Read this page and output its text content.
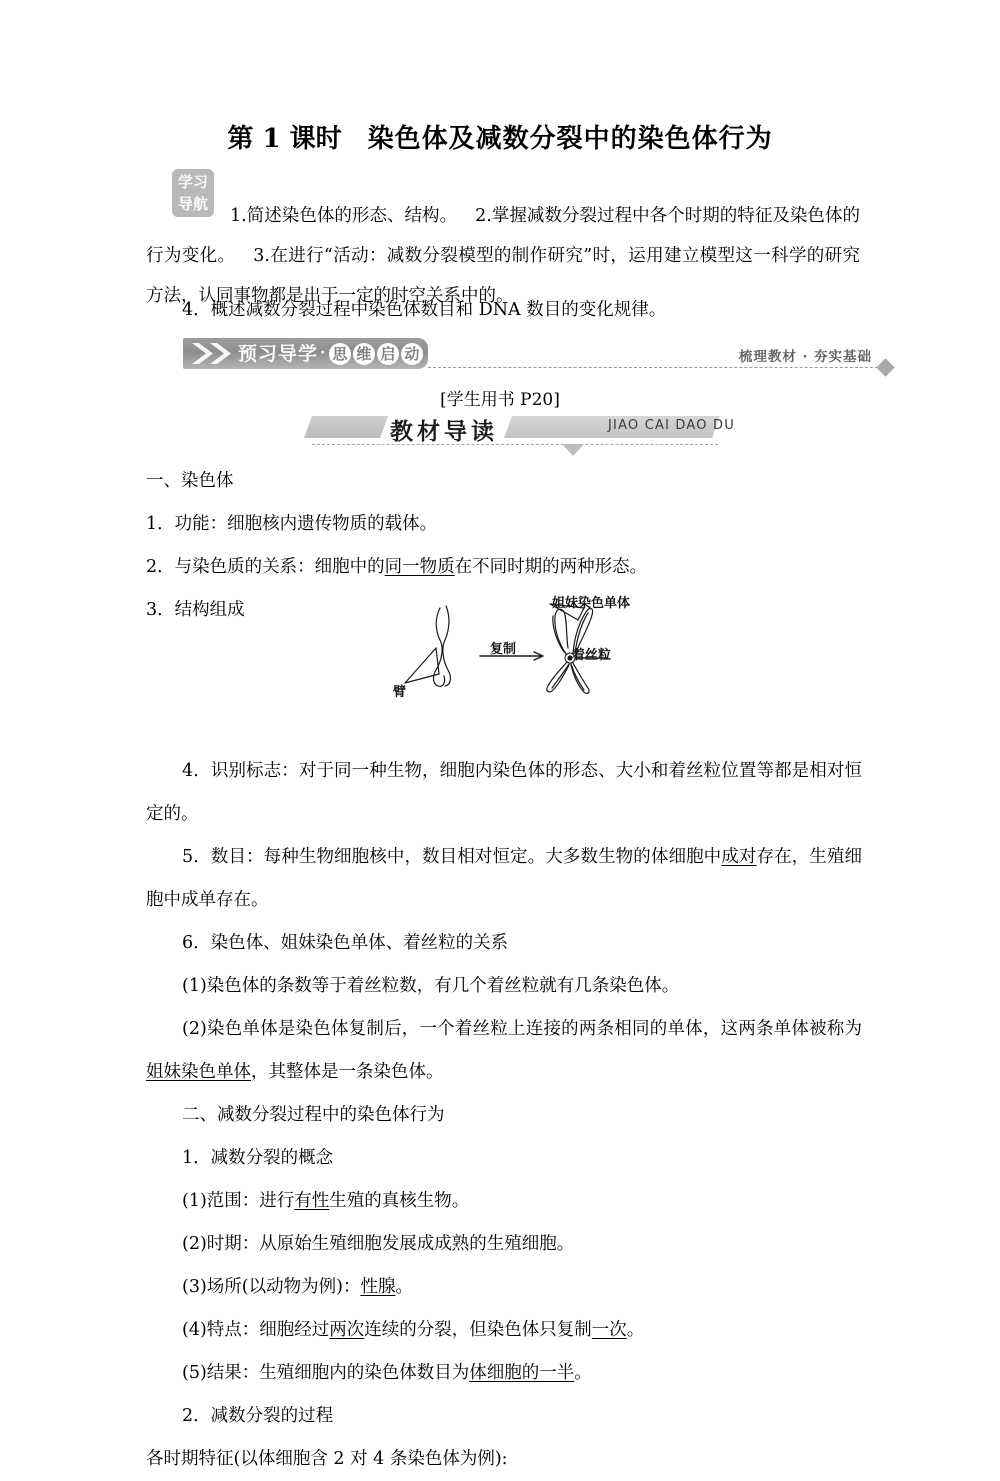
第 1 课时 染色体及减数分裂中的染色体行为
学习
导航
1.简述染色体的形态、结构。 2.掌握减数分裂过程中各个时期的特征及染色体的行为变化。 3.在进行“活动：减数分裂模型的制作研究”时，运用建立模型这一科学的研究方法，认同事物都是出于一定的时空关系中的。
4．概述减数分裂过程中染色体数目和 DNA 数目的变化规律。
预习导学 · 思 维 启 动	梳理教材 · 夯实基础
[学生用书 P20]
教材导读	JIAO CAI DAO DU

一、染色体

1．功能：细胞核内遗传物质的载体。

2．与染色质的关系：细胞中的同一物质在不同时期的两种形态。

3．结构组成

4．识别标志：对于同一种生物，细胞内染色体的形态、大小和着丝粒位置等都是相对恒定的。

5．数目：每种生物细胞核中，数目相对恒定。大多数生物的体细胞中成对存在，生殖细胞中成单存在。

6．染色体、姐妹染色单体、着丝粒的关系

(1)染色体的条数等于着丝粒数，有几个着丝粒就有几条染色体。

(2)染色单体是染色体复制后，一个着丝粒上连接的两条相同的单体，这两条单体被称为姐妹染色单体，其整体是一条染色体。

二、减数分裂过程中的染色体行为

1．减数分裂的概念

(1)范围：进行有性生殖的真核生物。

(2)时期：从原始生殖细胞发展成成熟的生殖细胞。

(3)场所(以动物为例)：性腺。

(4)特点：细胞经过两次连续的分裂，但染色体只复制一次。

(5)结果：生殖细胞内的染色体数目为体细胞的一半。

2．减数分裂的过程

各时期特征(以体细胞含 2 对 4 条染色体为例):

臂
复制
姐妹染色单体
着丝粒
